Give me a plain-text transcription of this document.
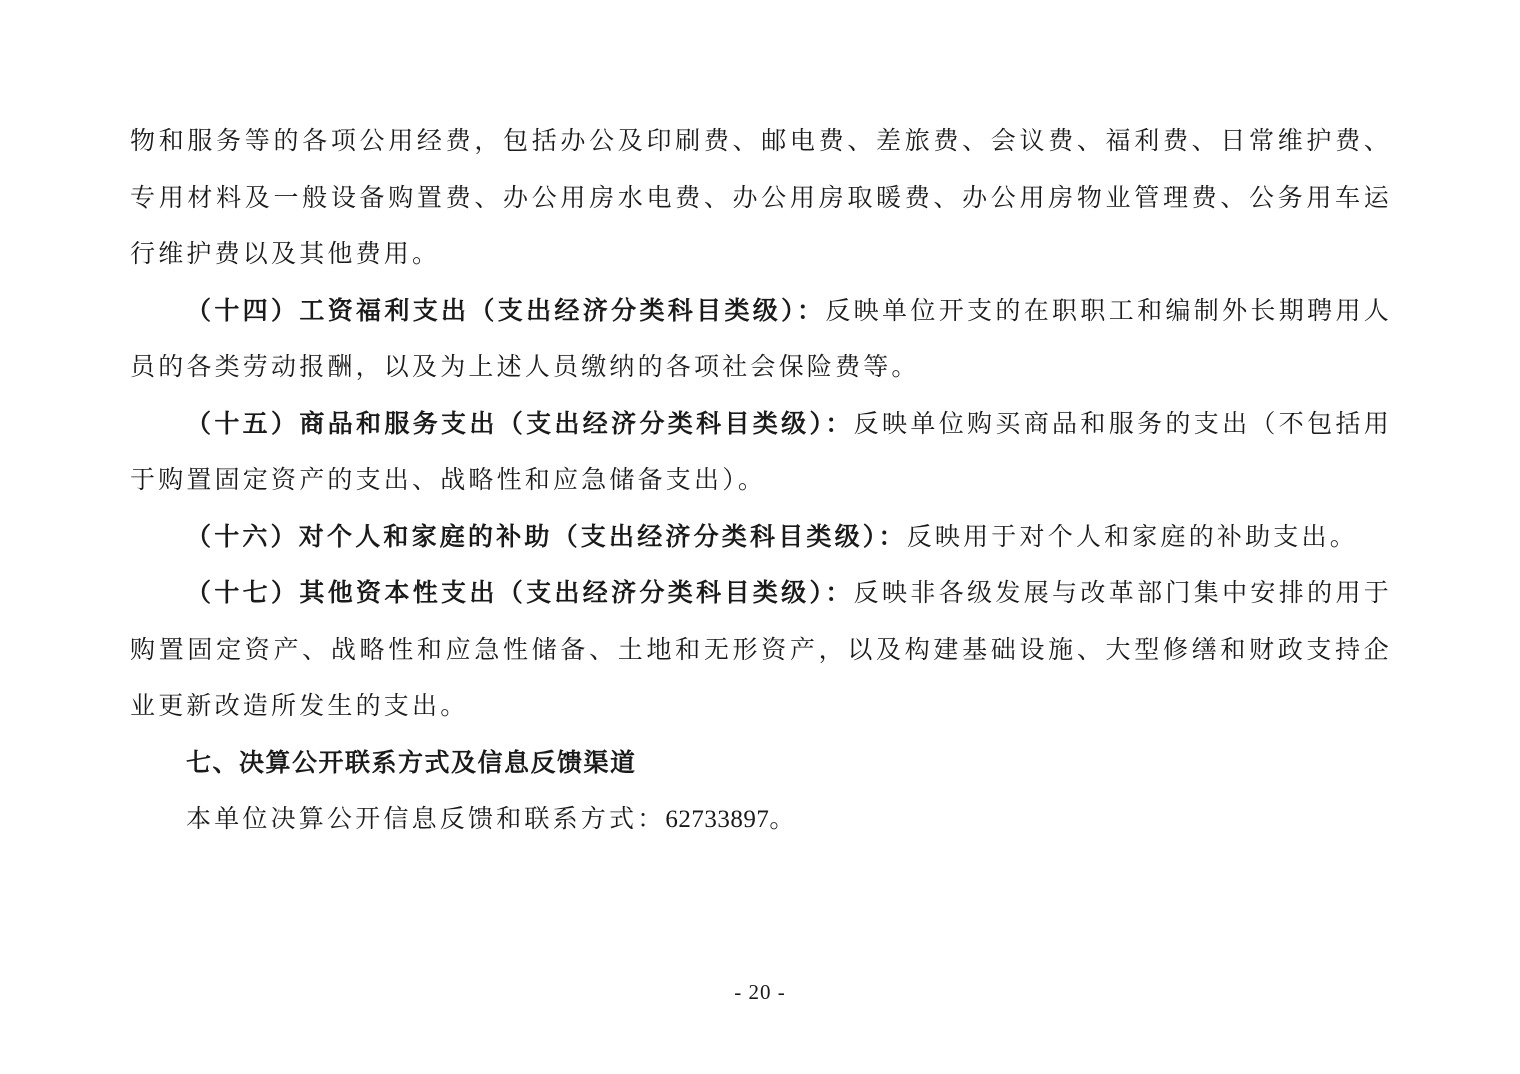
物和服务等的各项公用经费，包括办公及印刷费、邮电费、差旅费、会议费、福利费、日常维护费、专用材料及一般设备购置费、办公用房水电费、办公用房取暖费、办公用房物业管理费、公务用车运行维护费以及其他费用。

（十四）工资福利支出（支出经济分类科目类级）：反映单位开支的在职职工和编制外长期聘用人员的各类劳动报酬，以及为上述人员缴纳的各项社会保险费等。

（十五）商品和服务支出（支出经济分类科目类级）：反映单位购买商品和服务的支出（不包括用于购置固定资产的支出、战略性和应急储备支出）。

（十六）对个人和家庭的补助（支出经济分类科目类级）：反映用于对个人和家庭的补助支出。

（十七）其他资本性支出（支出经济分类科目类级）：反映非各级发展与改革部门集中安排的用于购置固定资产、战略性和应急性储备、土地和无形资产，以及构建基础设施、大型修缮和财政支持企业更新改造所发生的支出。

七、决算公开联系方式及信息反馈渠道

本单位决算公开信息反馈和联系方式：62733897。

- 20 -
